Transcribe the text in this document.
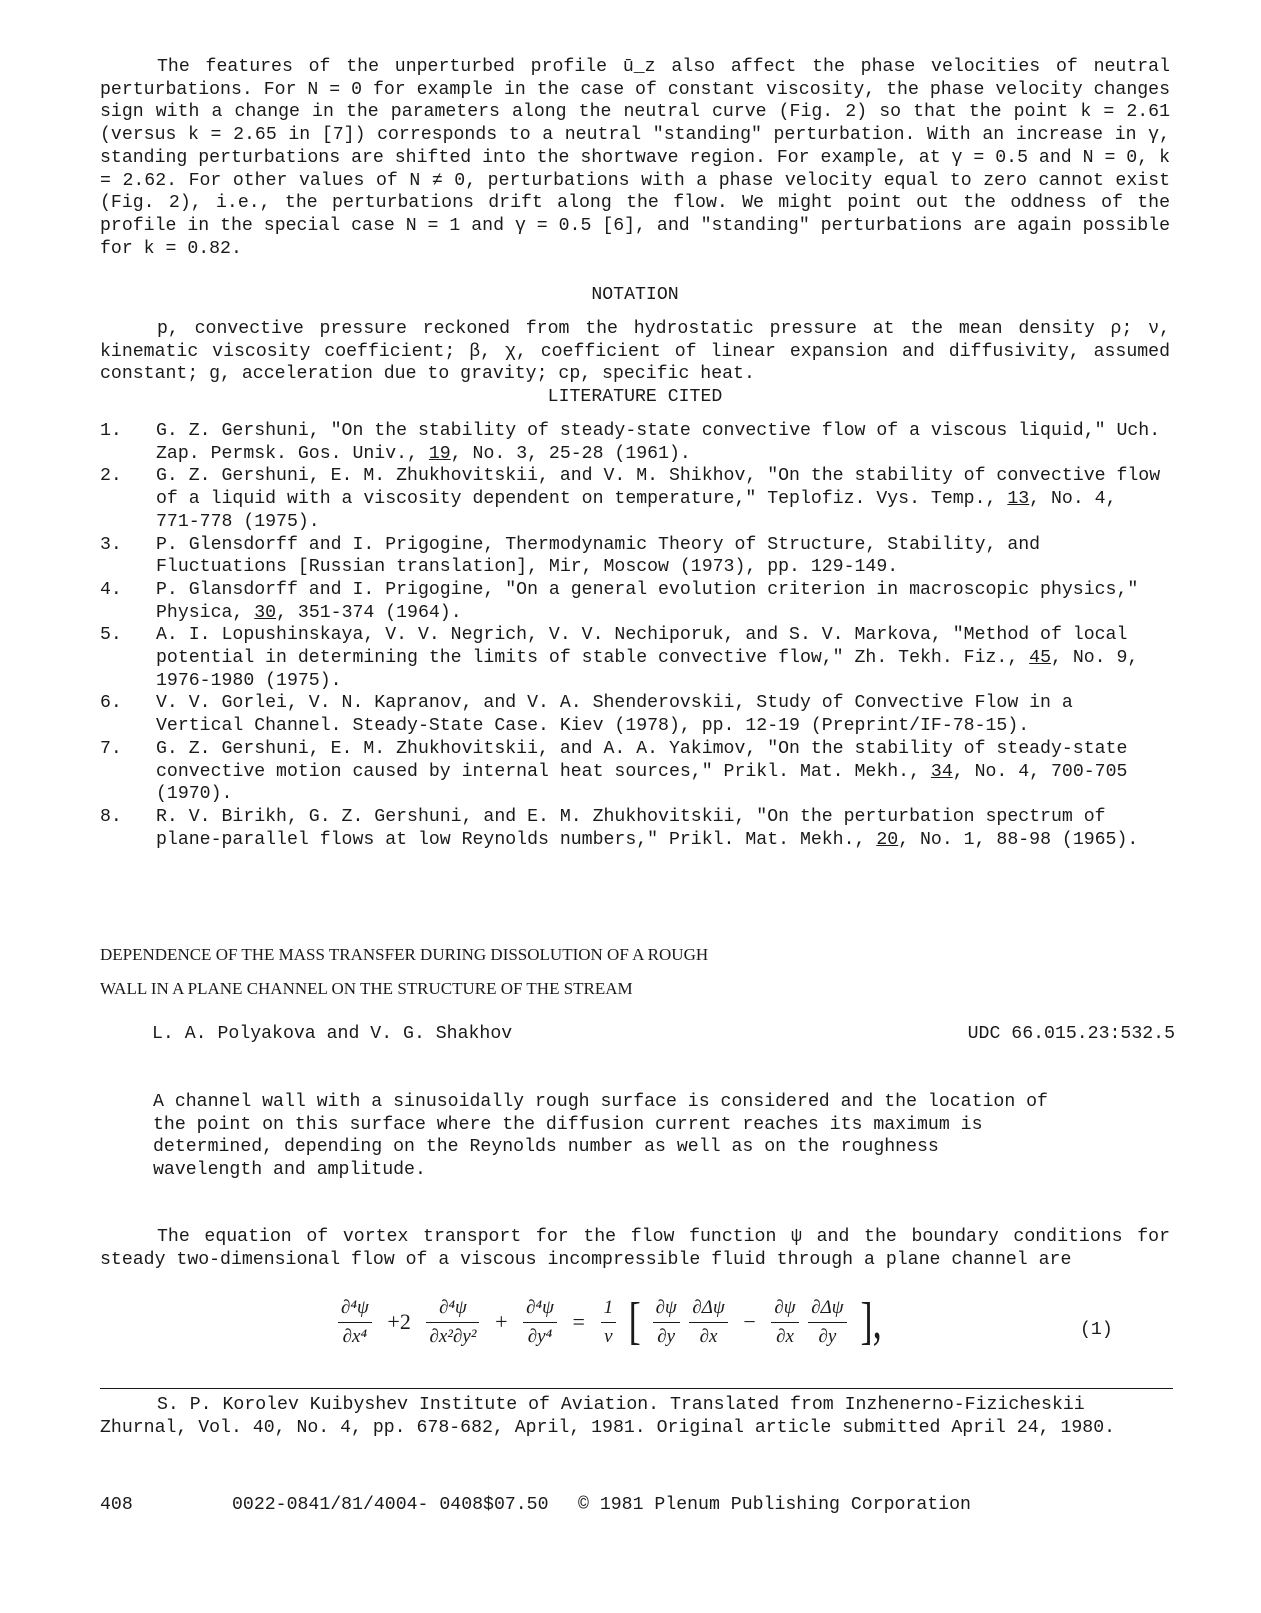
The features of the unperturbed profile ū_z also affect the phase velocities of neutral perturbations. For N = 0 for example in the case of constant viscosity, the phase velocity changes sign with a change in the parameters along the neutral curve (Fig. 2) so that the point k = 2.61 (versus k = 2.65 in [7]) corresponds to a neutral "standing" perturbation. With an increase in γ, standing perturbations are shifted into the shortwave region. For example, at γ = 0.5 and N = 0, k = 2.62. For other values of N ≠ 0, perturbations with a phase velocity equal to zero cannot exist (Fig. 2), i.e., the perturbations drift along the flow. We might point out the oddness of the profile in the special case N = 1 and γ = 0.5 [6], and "standing" perturbations are again possible for k = 0.82.
NOTATION
p, convective pressure reckoned from the hydrostatic pressure at the mean density ρ; ν, kinematic viscosity coefficient; β, χ, coefficient of linear expansion and diffusivity, assumed constant; g, acceleration due to gravity; cp, specific heat.
LITERATURE CITED
1. G. Z. Gershuni, "On the stability of steady-state convective flow of a viscous liquid," Uch. Zap. Permsk. Gos. Univ., 19, No. 3, 25-28 (1961).
2. G. Z. Gershuni, E. M. Zhukhovitskii, and V. M. Shikhov, "On the stability of convective flow of a liquid with a viscosity dependent on temperature," Teplofiz. Vys. Temp., 13, No. 4, 771-778 (1975).
3. P. Glensdorff and I. Prigogine, Thermodynamic Theory of Structure, Stability, and Fluctuations [Russian translation], Mir, Moscow (1973), pp. 129-149.
4. P. Glansdorff and I. Prigogine, "On a general evolution criterion in macroscopic physics," Physica, 30, 351-374 (1964).
5. A. I. Lopushinskaya, V. V. Negrich, V. V. Nechiporuk, and S. V. Markova, "Method of local potential in determining the limits of stable convective flow," Zh. Tekh. Fiz., 45, No. 9, 1976-1980 (1975).
6. V. V. Gorlei, V. N. Kapranov, and V. A. Shenderovskii, Study of Convective Flow in a Vertical Channel. Steady-State Case. Kiev (1978), pp. 12-19 (Preprint/IF-78-15).
7. G. Z. Gershuni, E. M. Zhukhovitskii, and A. A. Yakimov, "On the stability of steady-state convective motion caused by internal heat sources," Prikl. Mat. Mekh., 34, No. 4, 700-705 (1970).
8. R. V. Birikh, G. Z. Gershuni, and E. M. Zhukhovitskii, "On the perturbation spectrum of plane-parallel flows at low Reynolds numbers," Prikl. Mat. Mekh., 20, No. 1, 88-98 (1965).
DEPENDENCE OF THE MASS TRANSFER DURING DISSOLUTION OF A ROUGH
WALL IN A PLANE CHANNEL ON THE STRUCTURE OF THE STREAM
L. A. Polyakova and V. G. Shakhov	UDC 66.015.23:532.5
A channel wall with a sinusoidally rough surface is considered and the location of the point on this surface where the diffusion current reaches its maximum is determined, depending on the Reynolds number as well as on the roughness wavelength and amplitude.
The equation of vortex transport for the flow function ψ and the boundary conditions for steady two-dimensional flow of a viscous incompressible fluid through a plane channel are
$\frac{\text{∂⁴ψ}}{\text{∂x⁴}} +2 \frac{\text{∂⁴ψ}}{\text{∂x²∂y²}} + \frac{\text{∂⁴ψ}}{\text{∂y⁴}} = \frac{1}{\nu}$ [ $\frac{\partial\psi}{\partial y}$
$\frac{\partial\Delta\psi}{\partial x} - \frac{\partial\psi}{\partial x}$
$\frac{\partial\Delta\psi}{\partial y}$ ],	(1)
S. P. Korolev Kuibyshev Institute of Aviation. Translated from Inzhenerno-Fizicheskii Zhurnal, Vol. 40, No. 4, pp. 678-682, April, 1981. Original article submitted April 24, 1980.
408	0022-0841/81/4004- 0408$07.50	© 1981 Plenum Publishing Corporation
